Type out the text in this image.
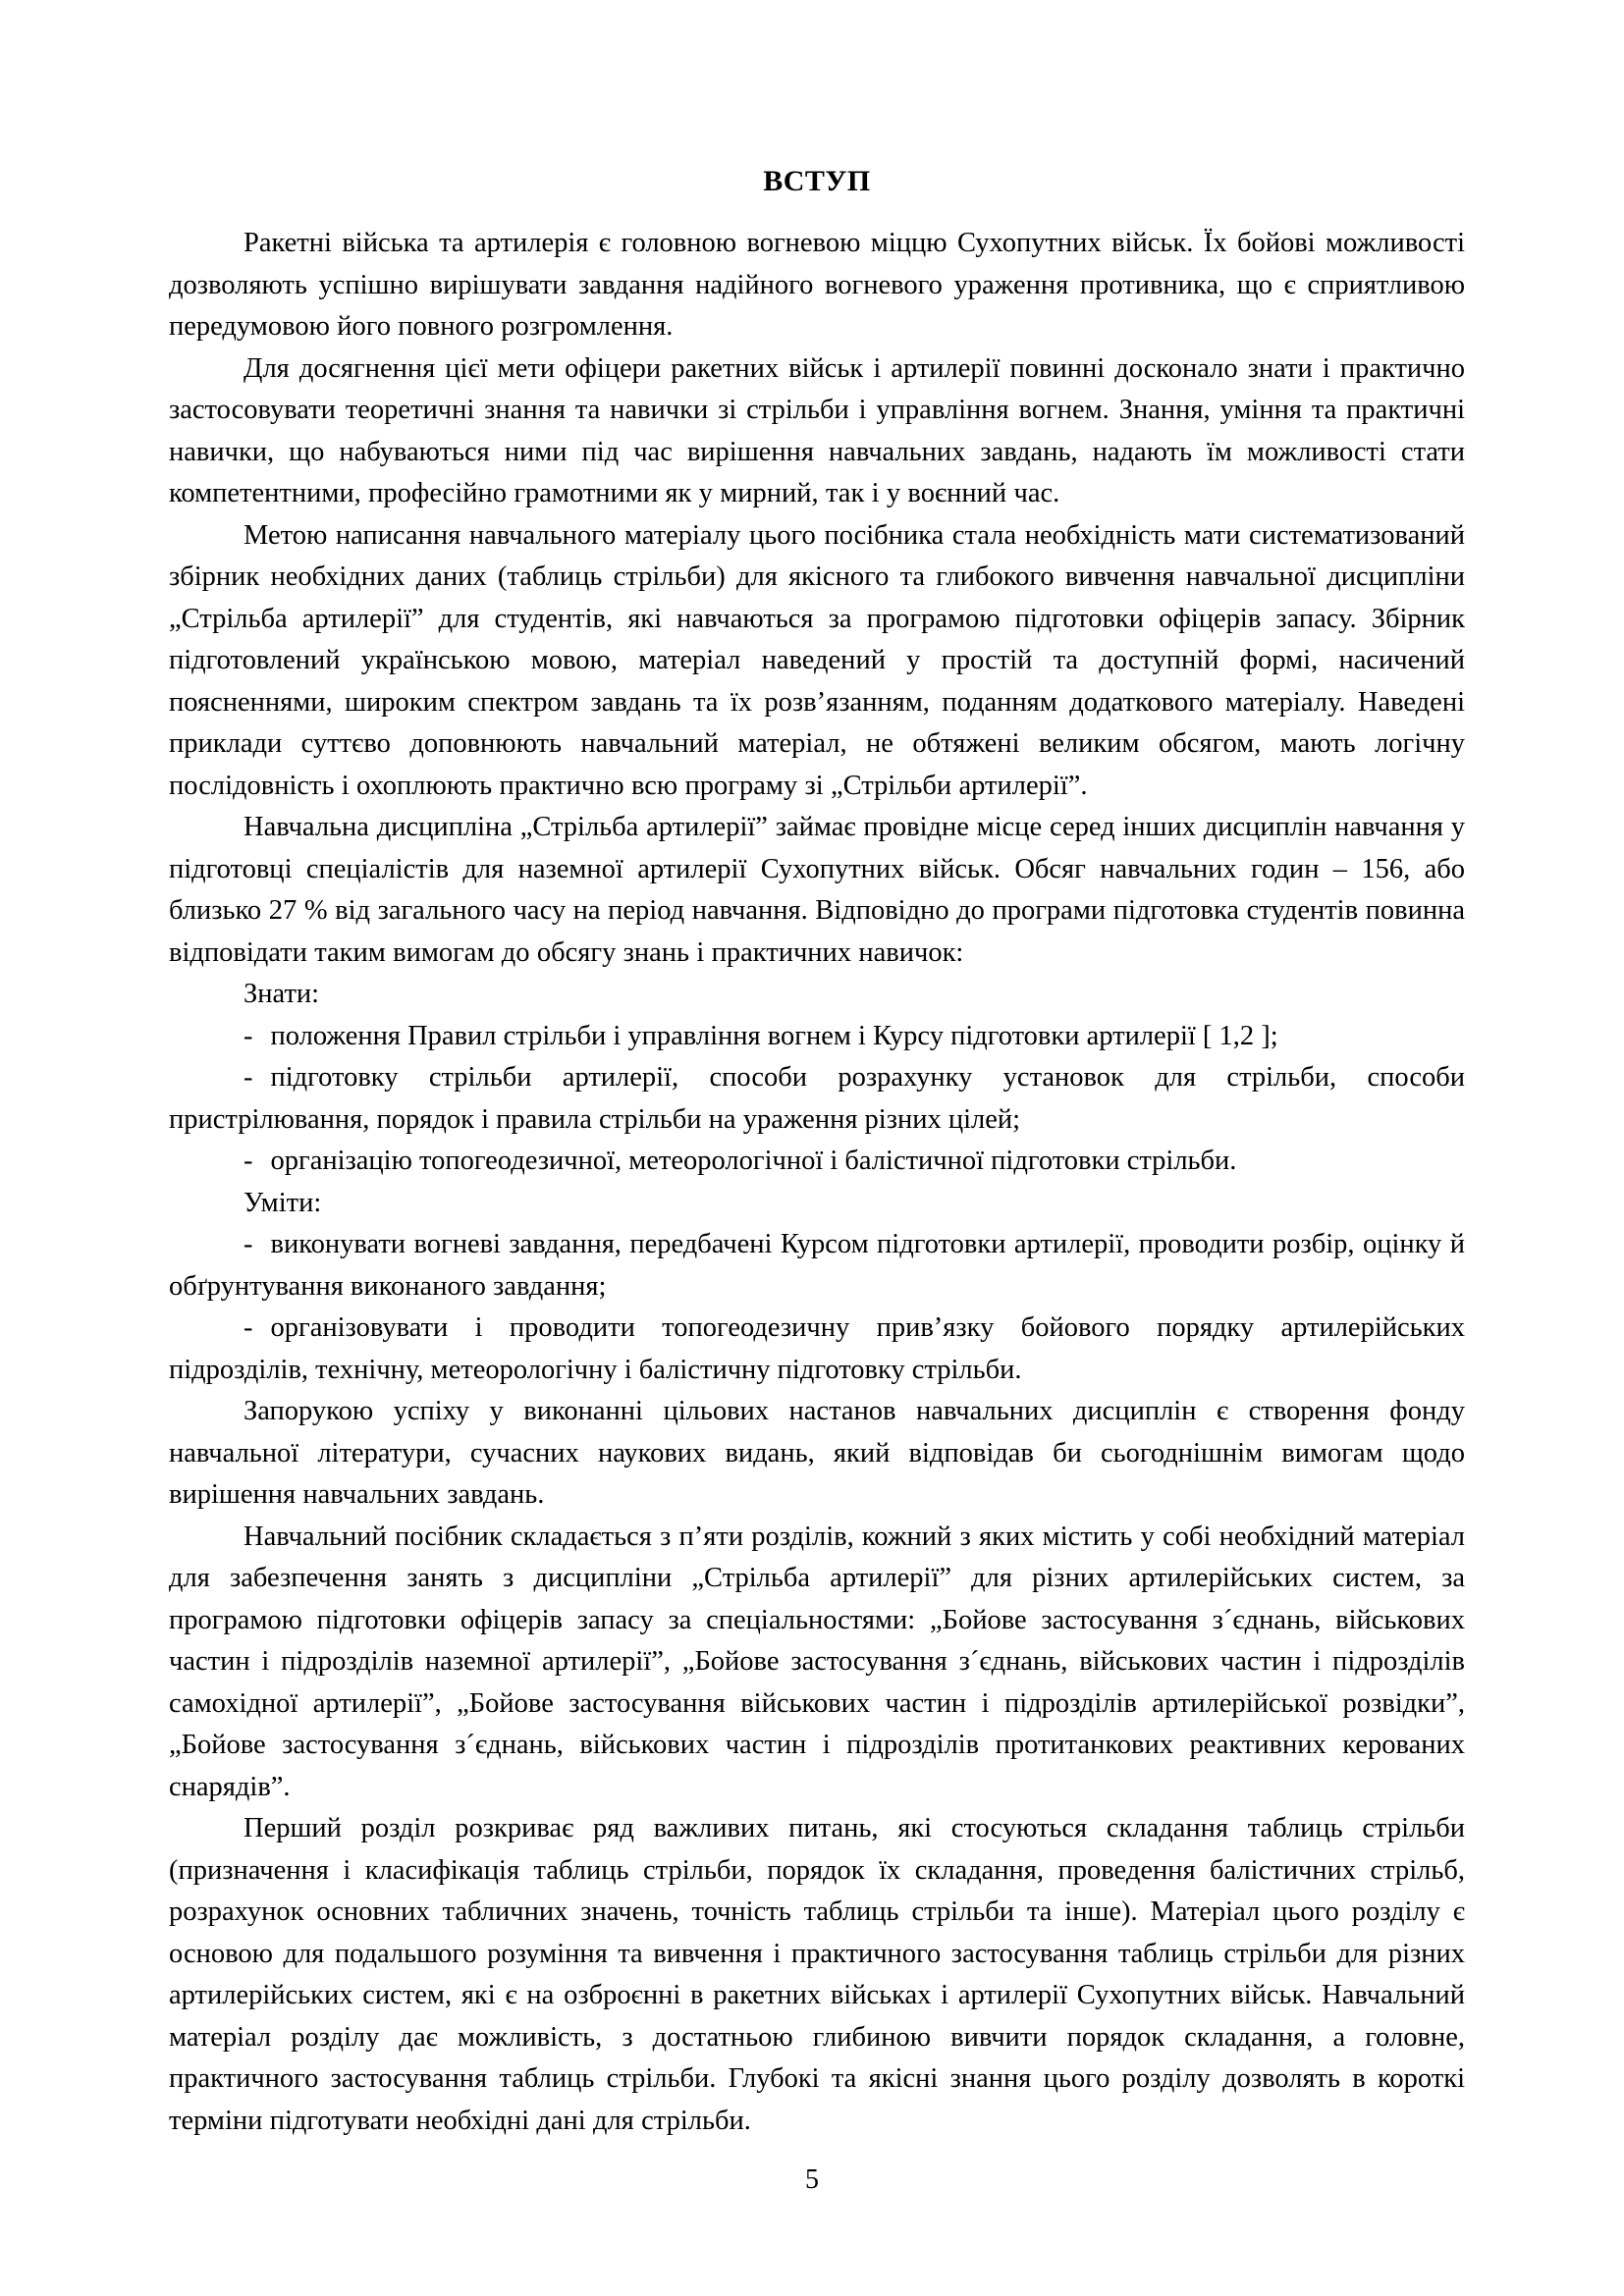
ВСТУП

Ракетні війська та артилерія є головною вогневою міццю Сухопутних військ. Їх бойові можливості дозволяють успішно вирішувати завдання надійного вогневого ураження противника, що є сприятливою передумовою його повного розгромлення.

Для досягнення цієї мети офіцери ракетних військ і артилерії повинні досконало знати і практично застосовувати теоретичні знання та навички зі стрільби і управління вогнем. Знання, уміння та практичні навички, що набуваються ними під час вирішення навчальних завдань, надають їм можливості стати компетентними, професійно грамотними як у мирний, так і у воєнний час.

Метою написання навчального матеріалу цього посібника стала необхідність мати систематизований збірник необхідних даних (таблиць стрільби) для якісного та глибокого вивчення навчальної дисципліни „Стрільба артилерії” для студентів, які навчаються за програмою підготовки офіцерів запасу. Збірник підготовлений українською мовою, матеріал наведений у простій та доступній формі, насичений поясненнями, широким спектром завдань та їх розв’язанням, поданням додаткового матеріалу. Наведені приклади суттєво доповнюють навчальний матеріал, не обтяжені великим обсягом, мають логічну послідовність і охоплюють практично всю програму зі „Стрільби артилерії”.

Навчальна дисципліна „Стрільба артилерії” займає провідне місце серед інших дисциплін навчання у підготовці спеціалістів для наземної артилерії Сухопутних військ. Обсяг навчальних годин – 156, або близько 27 % від загального часу на період навчання. Відповідно до програми підготовка студентів повинна відповідати таким вимогам до обсягу знань і практичних навичок:

Знати:

- положення Правил стрільби і управління вогнем і Курсу підготовки артилерії [ 1,2 ];

- підготовку стрільби артилерії, способи розрахунку установок для стрільби, способи пристрілювання, порядок і правила стрільби на ураження різних цілей;

- організацію топогеодезичної, метеорологічної і балістичної підготовки стрільби.

Уміти:

- виконувати вогневі завдання, передбачені Курсом підготовки артилерії, проводити розбір, оцінку й обґрунтування виконаного завдання;

- організовувати і проводити топогеодезичну прив’язку бойового порядку артилерійських підрозділів, технічну, метеорологічну і балістичну підготовку стрільби.

Запорукою успіху у виконанні цільових настанов навчальних дисциплін є створення фонду навчальної літератури, сучасних наукових видань, який відповідав би сьогоднішнім вимогам щодо вирішення навчальних завдань.

Навчальний посібник складається з п’яти розділів, кожний з яких містить у собі необхідний матеріал для забезпечення занять з дисципліни „Стрільба артилерії” для різних артилерійських систем, за програмою підготовки офіцерів запасу за спеціальностями: „Бойове застосування з´єднань, військових частин і підрозділів наземної артилерії”, „Бойове застосування з´єднань, військових частин і підрозділів самохідної артилерії”, „Бойове застосування військових частин і підрозділів артилерійської розвідки”, „Бойове застосування з´єднань, військових частин і підрозділів протитанкових реактивних керованих снарядів”.

Перший розділ розкриває ряд важливих питань, які стосуються складання таблиць стрільби (призначення і класифікація таблиць стрільби, порядок їх складання, проведення балістичних стрільб, розрахунок основних табличних значень, точність таблиць стрільби та інше). Матеріал цього розділу є основою для подальшого розуміння та вивчення і практичного застосування таблиць стрільби для різних артилерійських систем, які є на озброєнні в ракетних військах і артилерії Сухопутних військ. Навчальний матеріал розділу дає можливість, з достатньою глибиною вивчити порядок складання, а головне, практичного застосування таблиць стрільби. Глубокі та якісні знання цього розділу дозволять в короткі терміни підготувати необхідні дані для стрільби.

5
